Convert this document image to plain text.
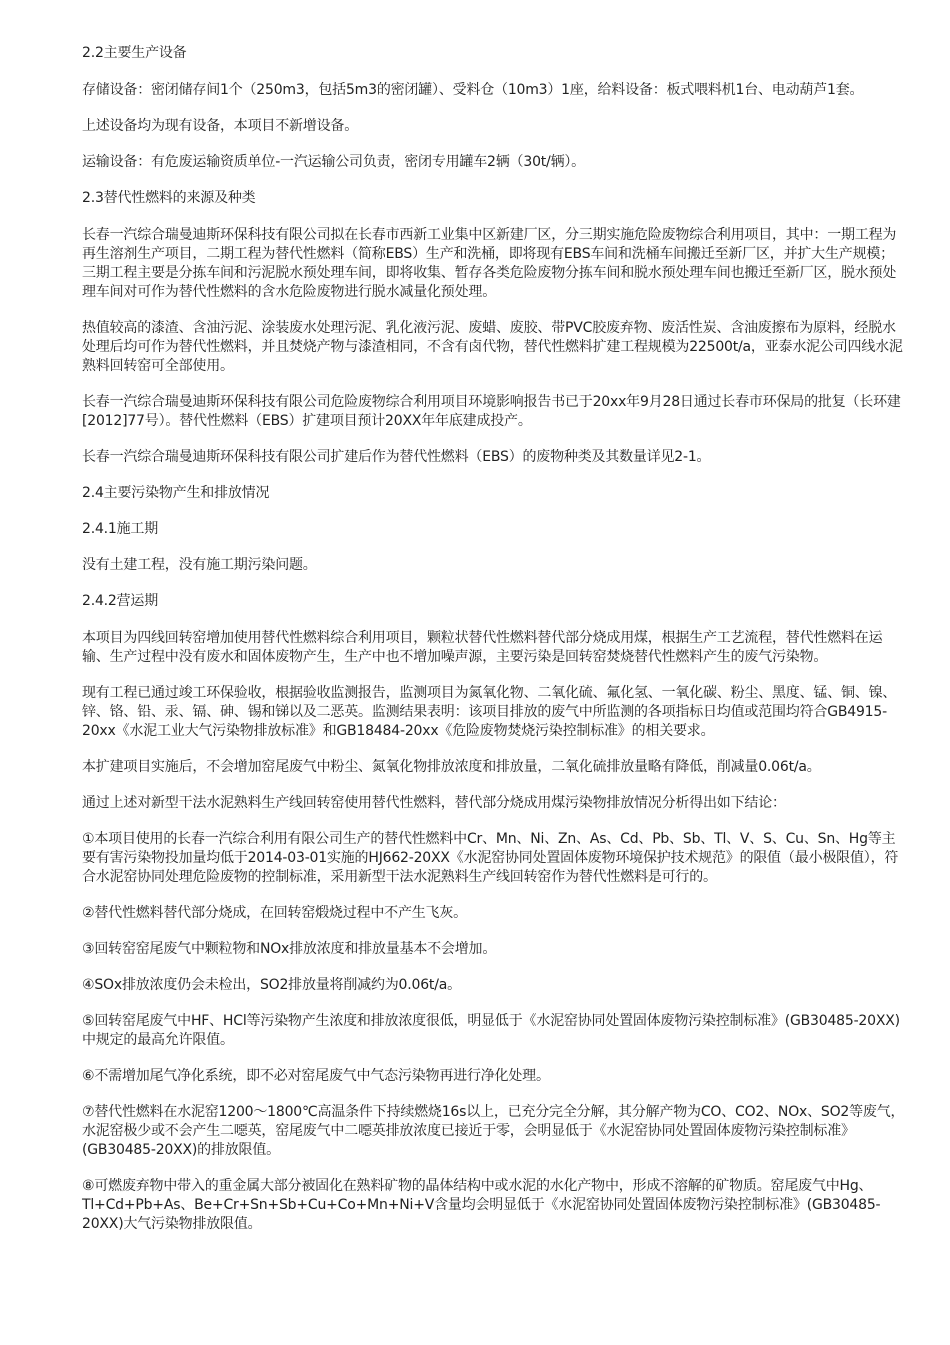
2.2主要生产设备

存储设备：密闭储存间1个（250m3，包括5m3的密闭罐）、受料仓（10m3）1座，给料设备：板式喂料机1台、电动葫芦1套。

上述设备均为现有设备，本项目不新增设备。

运输设备：有危废运输资质单位-一汽运输公司负责，密闭专用罐车2辆（30t/辆）。

2.3替代性燃料的来源及种类

长春一汽综合瑞曼迪斯环保科技有限公司拟在长春市西新工业集中区新建厂区，分三期实施危险废物综合利用项目，其中：一期工程为再生溶剂生产项目，二期工程为替代性燃料（简称EBS）生产和洗桶，即将现有EBS车间和洗桶车间搬迁至新厂区，并扩大生产规模；三期工程主要是分拣车间和污泥脱水预处理车间，即将收集、暂存各类危险废物分拣车间和脱水预处理车间也搬迁至新厂区，脱水预处理车间对可作为替代性燃料的含水危险废物进行脱水减量化预处理。

热值较高的漆渣、含油污泥、涂装废水处理污泥、乳化液污泥、废蜡、废胶、带PVC胶废弃物、废活性炭、含油废擦布为原料，经脱水处理后均可作为替代性燃料，并且焚烧产物与漆渣相同，不含有卤代物，替代性燃料扩建工程规模为22500t/a，亚泰水泥公司四线水泥熟料回转窑可全部使用。

长春一汽综合瑞曼迪斯环保科技有限公司危险废物综合利用项目环境影响报告书已于20xx年9月28日通过长春市环保局的批复（长环建[2012]77号）。替代性燃料（EBS）扩建项目预计20XX年年底建成投产。

长春一汽综合瑞曼迪斯环保科技有限公司扩建后作为替代性燃料（EBS）的废物种类及其数量详见2-1。

2.4主要污染物产生和排放情况

2.4.1施工期

没有土建工程，没有施工期污染问题。

2.4.2营运期

本项目为四线回转窑增加使用替代性燃料综合利用项目，颗粒状替代性燃料替代部分烧成用煤，根据生产工艺流程，替代性燃料在运输、生产过程中没有废水和固体废物产生，生产中也不增加噪声源，主要污染是回转窑焚烧替代性燃料产生的废气污染物。

现有工程已通过竣工环保验收，根据验收监测报告，监测项目为氮氧化物、二氧化硫、氟化氢、一氧化碳、粉尘、黑度、锰、铜、镍、锌、铬、铅、汞、镉、砷、锡和锑以及二恶英。监测结果表明：该项目排放的废气中所监测的各项指标日均值或范围均符合GB4915-20xx《水泥工业大气污染物排放标准》和GB18484-20xx《危险废物焚烧污染控制标准》的相关要求。

本扩建项目实施后，不会增加窑尾废气中粉尘、氮氧化物排放浓度和排放量，二氧化硫排放量略有降低，削减量0.06t/a。

通过上述对新型干法水泥熟料生产线回转窑使用替代性燃料，替代部分烧成用煤污染物排放情况分析得出如下结论：

①本项目使用的长春一汽综合利用有限公司生产的替代性燃料中Cr、Mn、Ni、Zn、As、Cd、Pb、Sb、Tl、V、S、Cu、Sn、Hg等主要有害污染物投加量均低于2014-03-01实施的HJ662-20XX《水泥窑协同处置固体废物环境保护技术规范》的限值（最小极限值），符合水泥窑协同处理危险废物的控制标准，采用新型干法水泥熟料生产线回转窑作为替代性燃料是可行的。

②替代性燃料替代部分烧成，在回转窑煅烧过程中不产生飞灰。

③回转窑窑尾废气中颗粒物和NOx排放浓度和排放量基本不会增加。

④SOx排放浓度仍会未检出，SO2排放量将削减约为0.06t/a。

⑤回转窑尾废气中HF、HCl等污染物产生浓度和排放浓度很低，明显低于《水泥窑协同处置固体废物污染控制标准》(GB30485-20XX)中规定的最高允许限值。

⑥不需增加尾气净化系统，即不必对窑尾废气中气态污染物再进行净化处理。

⑦替代性燃料在水泥窑1200～1800℃高温条件下持续燃烧16s以上，已充分完全分解，其分解产物为CO、CO2、NOx、SO2等废气，水泥窑极少或不会产生二噁英，窑尾废气中二噁英排放浓度已接近于零，会明显低于《水泥窑协同处置固体废物污染控制标准》(GB30485-20XX)的排放限值。

⑧可燃废弃物中带入的重金属大部分被固化在熟料矿物的晶体结构中或水泥的水化产物中，形成不溶解的矿物质。窑尾废气中Hg、Tl+Cd+Pb+As、Be+Cr+Sn+Sb+Cu+Co+Mn+Ni+V含量均会明显低于《水泥窑协同处置固体废物污染控制标准》(GB30485-20XX)大气污染物排放限值。
